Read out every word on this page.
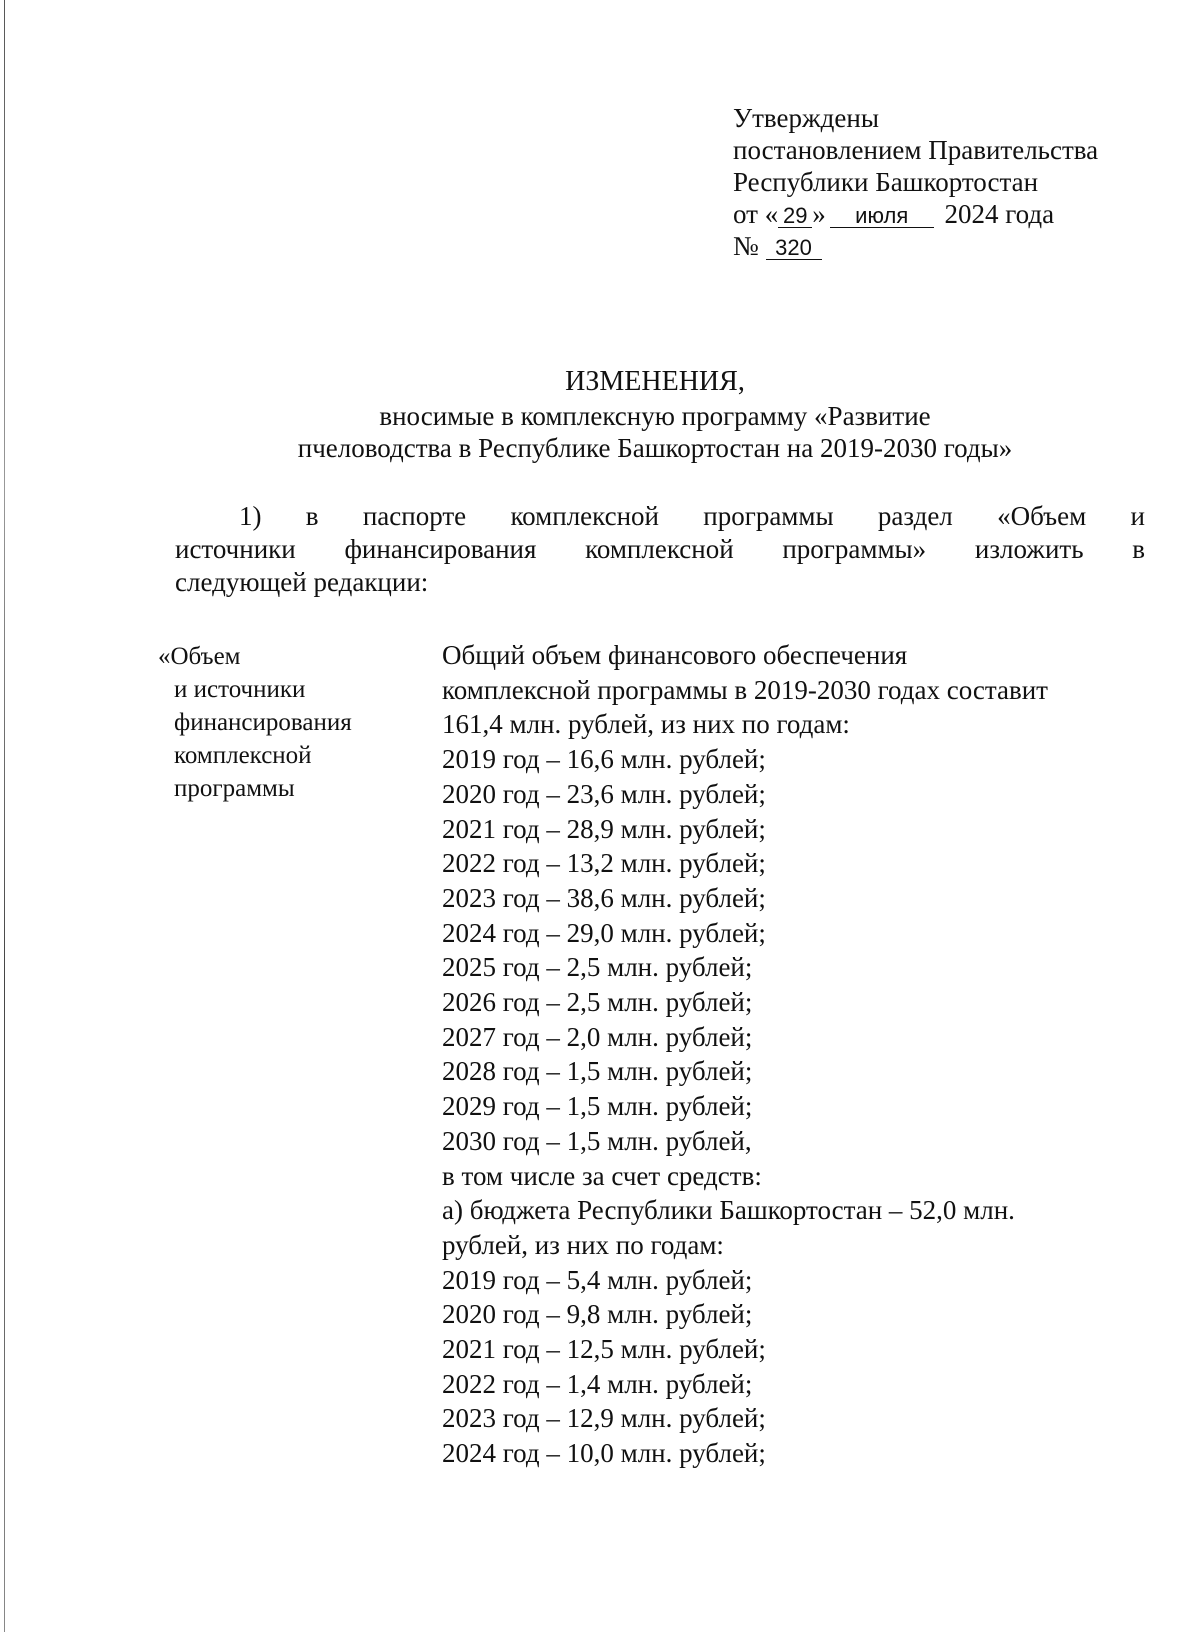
Утверждены
постановлением Правительства
Республики Башкортостан
от « 29 » июля 2024 года
№ 320
ИЗМЕНЕНИЯ,
вносимые в комплексную программу «Развитие
пчеловодства в Республике Башкортостан на 2019-2030 годы»
1) в паспорте комплексной программы раздел «Объем и
источники финансирования комплексной программы» изложить в
следующей редакции:
«Объем
и источники
финансирования
комплексной
программы
Общий объем финансового обеспечения
комплексной программы в 2019-2030 годах составит
161,4 млн. рублей, из них по годам:
2019 год – 16,6 млн. рублей;
2020 год – 23,6 млн. рублей;
2021 год – 28,9 млн. рублей;
2022 год – 13,2 млн. рублей;
2023 год – 38,6 млн. рублей;
2024 год – 29,0 млн. рублей;
2025 год – 2,5 млн. рублей;
2026 год – 2,5 млн. рублей;
2027 год – 2,0 млн. рублей;
2028 год – 1,5 млн. рублей;
2029 год – 1,5 млн. рублей;
2030 год – 1,5 млн. рублей,
в том числе за счет средств:
а) бюджета Республики Башкортостан – 52,0 млн.
рублей, из них по годам:
2019 год – 5,4 млн. рублей;
2020 год – 9,8 млн. рублей;
2021 год – 12,5 млн. рублей;
2022 год – 1,4 млн. рублей;
2023 год – 12,9 млн. рублей;
2024 год – 10,0 млн. рублей;
